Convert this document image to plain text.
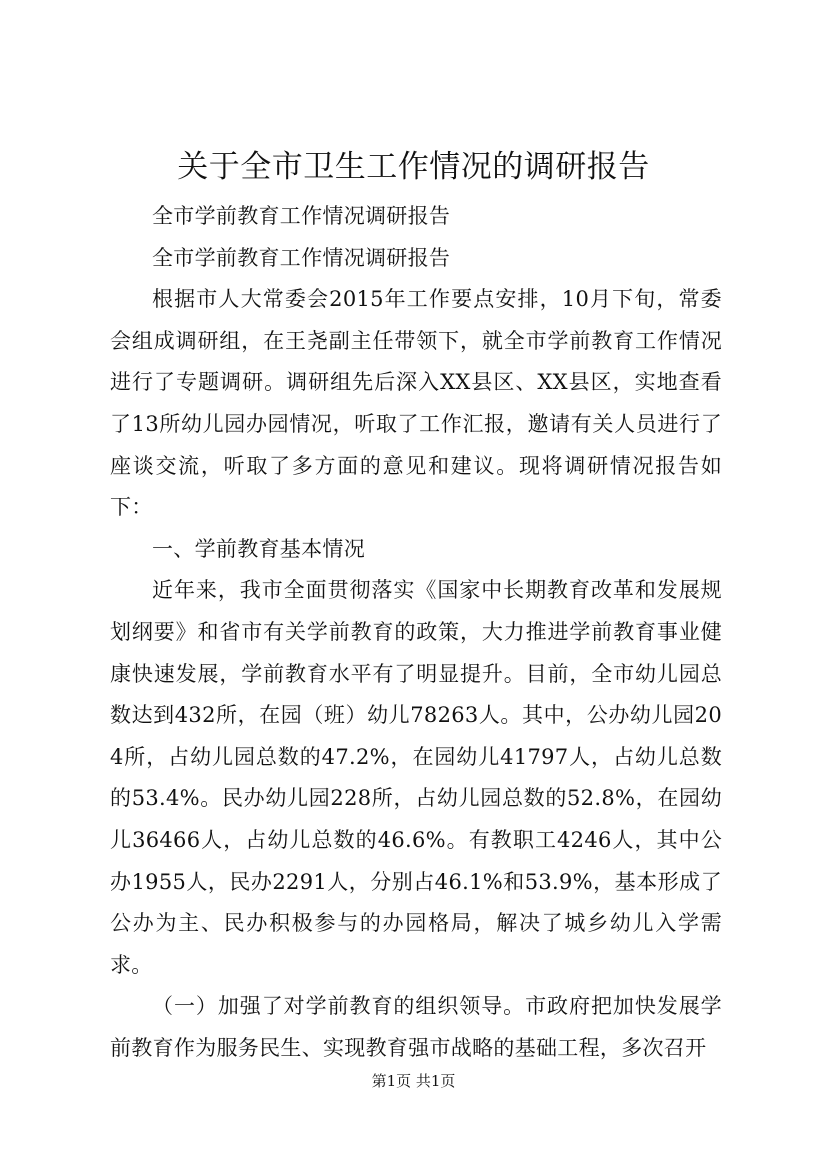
关于全市卫生工作情况的调研报告

全市学前教育工作情况调研报告

全市学前教育工作情况调研报告

根据市人大常委会2015年工作要点安排，10月下旬，常委会组成调研组，在王尧副主任带领下，就全市学前教育工作情况进行了专题调研。调研组先后深入XX县区、XX县区，实地查看了13所幼儿园办园情况，听取了工作汇报，邀请有关人员进行了座谈交流，听取了多方面的意见和建议。现将调研情况报告如下：

一、学前教育基本情况

近年来，我市全面贯彻落实《国家中长期教育改革和发展规划纲要》和省市有关学前教育的政策，大力推进学前教育事业健康快速发展，学前教育水平有了明显提升。目前，全市幼儿园总数达到432所，在园（班）幼儿78263人。其中，公办幼儿园204所，占幼儿园总数的47.2%，在园幼儿41797人，占幼儿总数的53.4%。民办幼儿园228所，占幼儿园总数的52.8%，在园幼儿36466人，占幼儿总数的46.6%。有教职工4246人，其中公办1955人，民办2291人，分别占46.1%和53.9%，基本形成了公办为主、民办积极参与的办园格局，解决了城乡幼儿入学需求。

（一）加强了对学前教育的组织领导。市政府把加快发展学前教育作为服务民生、实现教育强市战略的基础工程，多次召开

第1页 共1页
